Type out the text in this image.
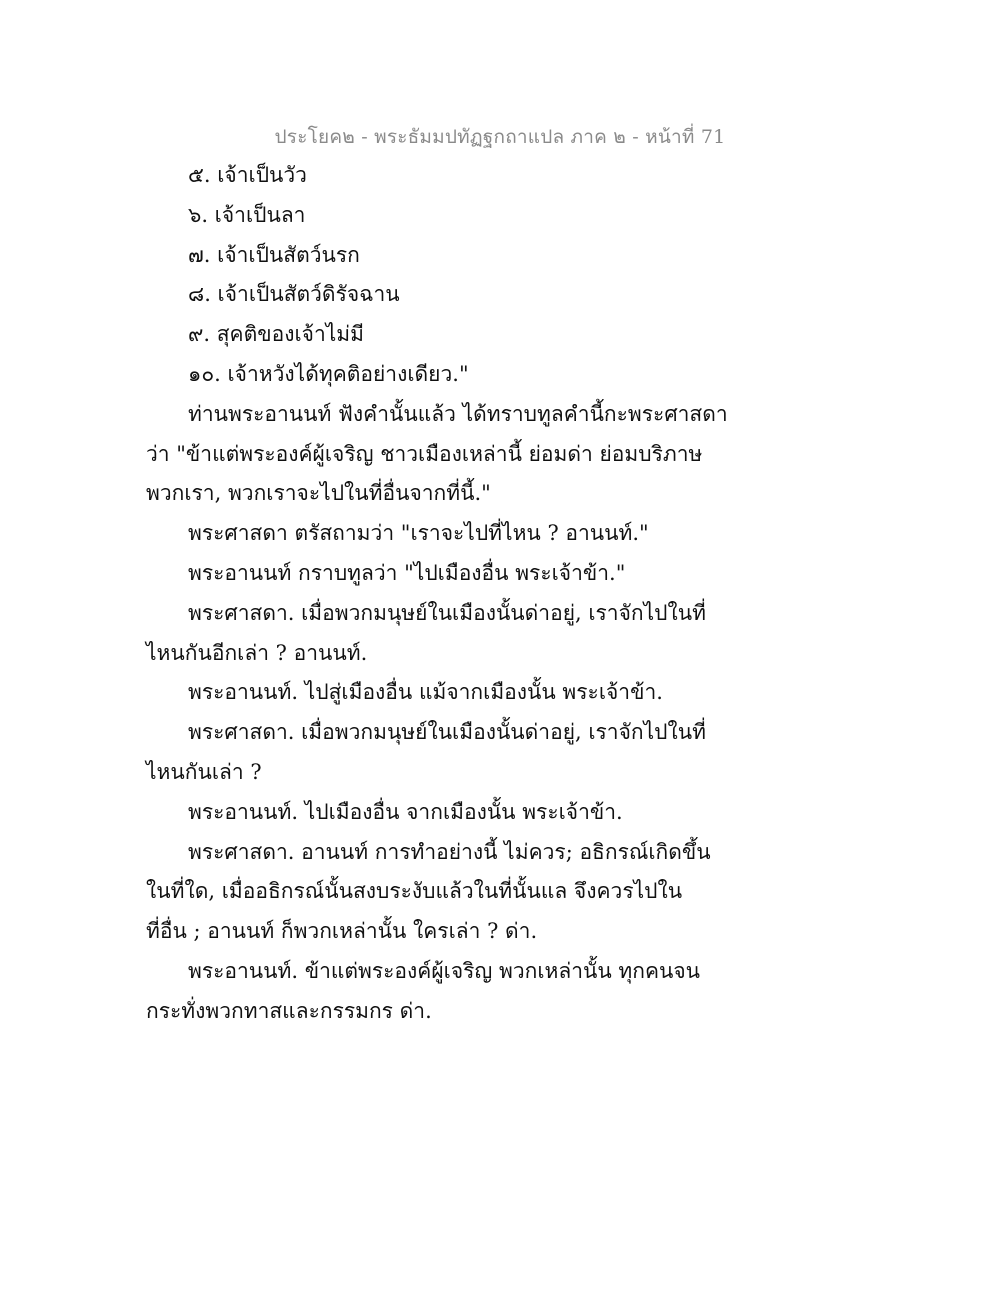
ประโยค๒ - พระธัมมปทัฏฐกถาแปล ภาค ๒ - หน้าที่ 71
๕. เจ้าเป็นวัว
๖. เจ้าเป็นลา
๗. เจ้าเป็นสัตว์นรก
๘. เจ้าเป็นสัตว์ดิรัจฉาน
๙. สุคติของเจ้าไม่มี
๑๐. เจ้าหวังได้ทุคติอย่างเดียว."
ท่านพระอานนท์ ฟังคำนั้นแล้ว ได้ทราบทูลคำนี้กะพระศาสดา
ว่า "ข้าแต่พระองค์ผู้เจริญ ชาวเมืองเหล่านี้ ย่อมด่า ย่อมบริภาษ
พวกเรา, พวกเราจะไปในที่อื่นจากที่นี้."
พระศาสดา ตรัสถามว่า "เราจะไปที่ไหน ? อานนท์."
พระอานนท์ กราบทูลว่า "ไปเมืองอื่น พระเจ้าข้า."
พระศาสดา. เมื่อพวกมนุษย์ในเมืองนั้นด่าอยู่, เราจักไปในที่
ไหนกันอีกเล่า ? อานนท์.
พระอานนท์. ไปสู่เมืองอื่น แม้จากเมืองนั้น พระเจ้าข้า.
พระศาสดา. เมื่อพวกมนุษย์ในเมืองนั้นด่าอยู่, เราจักไปในที่
ไหนกันเล่า ?
พระอานนท์. ไปเมืองอื่น จากเมืองนั้น พระเจ้าข้า.
พระศาสดา. อานนท์ การทำอย่างนี้ ไม่ควร; อธิกรณ์เกิดขึ้น
ในที่ใด, เมื่ออธิกรณ์นั้นสงบระงับแล้วในที่นั้นแล จึงควรไปใน
ที่อื่น ; อานนท์ ก็พวกเหล่านั้น ใครเล่า ? ด่า.
พระอานนท์. ข้าแต่พระองค์ผู้เจริญ พวกเหล่านั้น ทุกคนจน
กระทั่งพวกทาสและกรรมกร ด่า.
